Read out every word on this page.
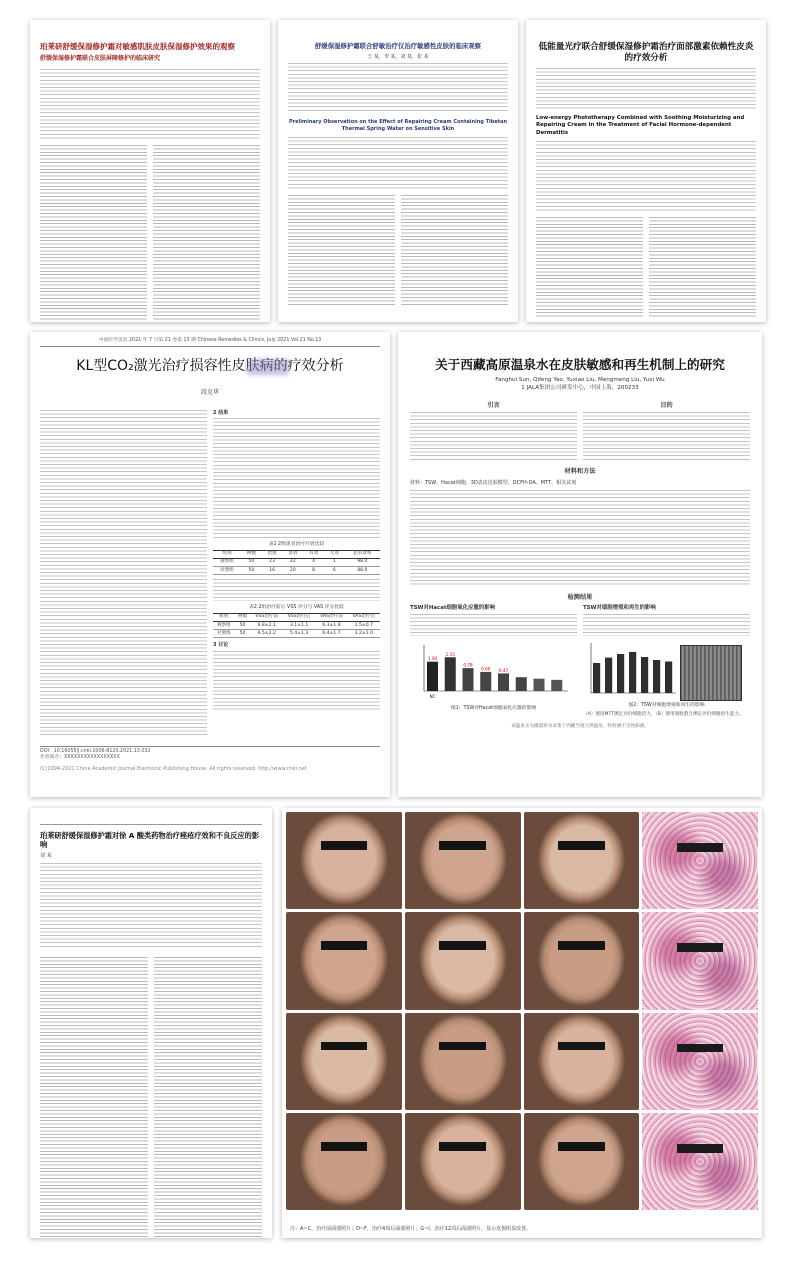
珀莱研舒缓保湿修护霜对敏感肌肤皮肤保湿修护效果的观察
舒缓保湿修护霜联合皮肤屏障修护的临床研究
舒缓保湿修护霜联合舒敏治疗仪治疗敏感性皮肤的临床观察
王 某，李 某，刘 某，张 某
Preliminary Observation on the Effect of Repairing Cream Containing Tibetan Thermal Spring Water on Sensitive Skin
低能量光疗联合舒缓保湿修护霜治疗面部激素依赖性皮炎的疗效分析
Low-energy Phototherapy Combined with Soothing Moisturizing and Repairing Cream in the Treatment of Facial Hormone-dependent Dermatitis
中国医学美容 2021 年 7 月第 21 卷第 13 期 Chinese Remedies & Clinics, July 2021 Vol.21 No.13
KL型CO₂激光治疗损容性皮肤病的疗效分析
段克华
2 结果
表1 2组患者治疗疗效比较
组别	例数	治愈	显效	有效	无效	总有效率
观察组	50	23	22	4	1	98.0
对照组	50	16	20	8	6	88.0
表2 2组治疗前后 VSS 评分与 VAS 评分比较
组别	例数	VSS治疗前	VSS治疗后	VAS治疗前	VAS治疗后
观察组	50	9.8±2.1	3.1±1.1	6.3±1.8	1.5±0.7
对照组	50	9.5±2.2	5.4±1.3	6.4±1.7	3.2±1.0
3 讨论
DOI：10.16055/j.cnki.1006-8120.2021.13.032
作者简介：XXXXXXXXXXXXXXXXX
(C)1994-2021 China Academic Journal Electronic Publishing House. All rights reserved. http://www.cnki.net
关于西藏高原温泉水在皮肤敏感和再生机制上的研究
Fanghui Sun, Qifeng Yao, Yuxiao Liu, Mengmeng Liu, Yuxi Wu
1 JALA集团公司研发中心，中国上海，200233
引言	目的
材料和方法
材料：TSW、Hacat细胞、3D表皮皮肤模型、DCFH-DA、MTT、相关试剂
检测结果
TSW对Hacat细胞氧化应激的影响
1.00
NC
1.15
0.78
0.60 0.47
图1：TSW对Hacat细胞氧化应激的影响
TSW对细胞增殖和再生的影响
图2：TSW对细胞增殖和再生的影响
（A）使用MTT测定评价细胞活力，（B）使用划痕愈合测定评价细胞再生能力。
该温泉水为微量原水采集于西藏当地天然温泉，经检测不含致病菌。

珀莱研舒缓保湿修护霜对徐 A 酸类药物治疗痤疮疗效和不良反应的影响
刘 某
注：A~C，治疗前面部照片；D~F，治疗4周后面部照片；G~I，治疗12周后面部照片，显示皮损明显改善。
